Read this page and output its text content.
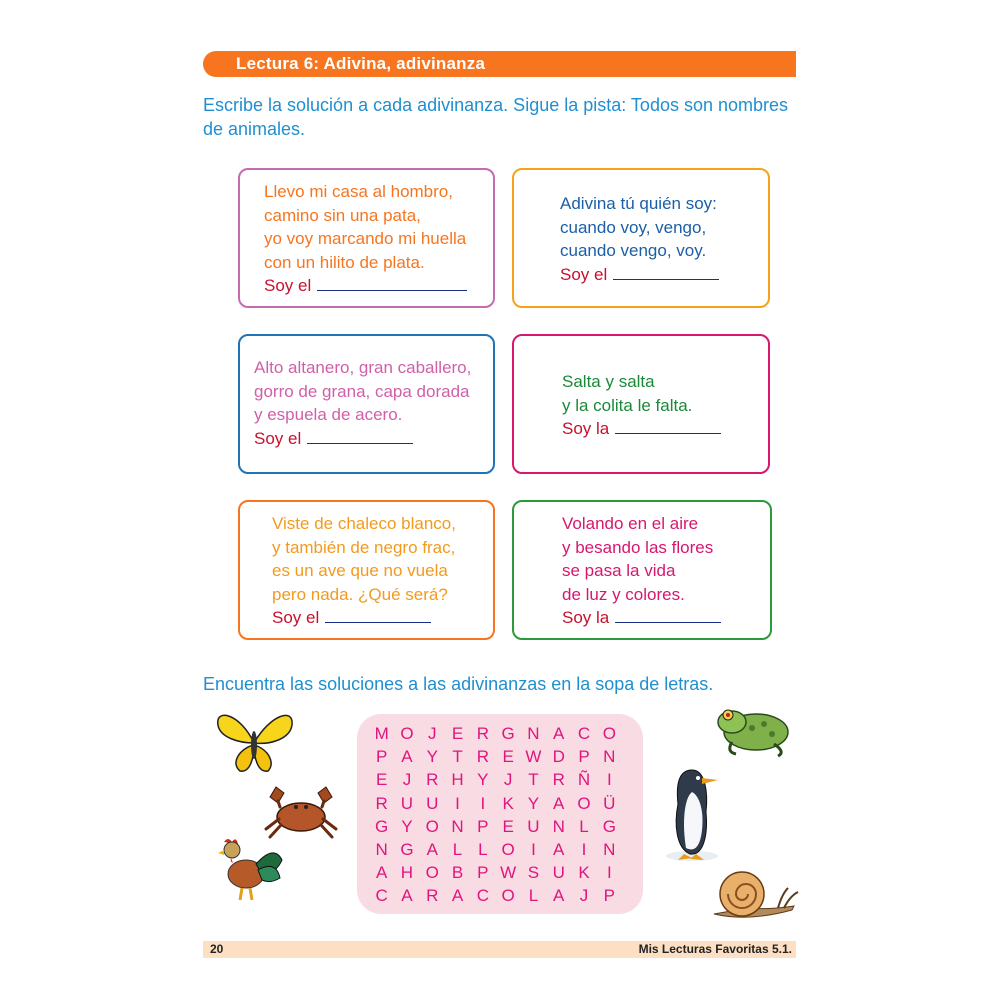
Lectura 6: Adivina, adivinanza

Escribe la solución a cada adivinanza. Sigue la pista: Todos son nombres de animales.

Llevo mi casa al hombro,
camino sin una pata,
yo voy marcando mi huella
con un hilito de plata.
Soy el
Adivina tú quién soy:
cuando voy, vengo,
cuando vengo, voy.
Soy el
Alto altanero, gran caballero,
gorro de grana, capa dorada
y espuela de acero.
Soy el
Salta y salta
y la colita le falta.
Soy la
Viste de chaleco blanco,
y también de negro frac,
es un ave que no vuela
pero nada. ¿Qué será?
Soy el
Volando en el aire
y besando las flores
se pasa la vida
de luz y colores.
Soy la

Encuentra las soluciones a las adivinanzas en la sopa de letras.

M O J E R G N A C O
P A Y T R E W D P N
E J R H Y J T R Ñ I
R U U I	I	K Y A O Ü
G Y O N P E U N L G
N G A L L O I	A	I N
A H O B P W S U K	I
C A R A C O L A J P
20	Mis Lecturas Favoritas 5.1.
